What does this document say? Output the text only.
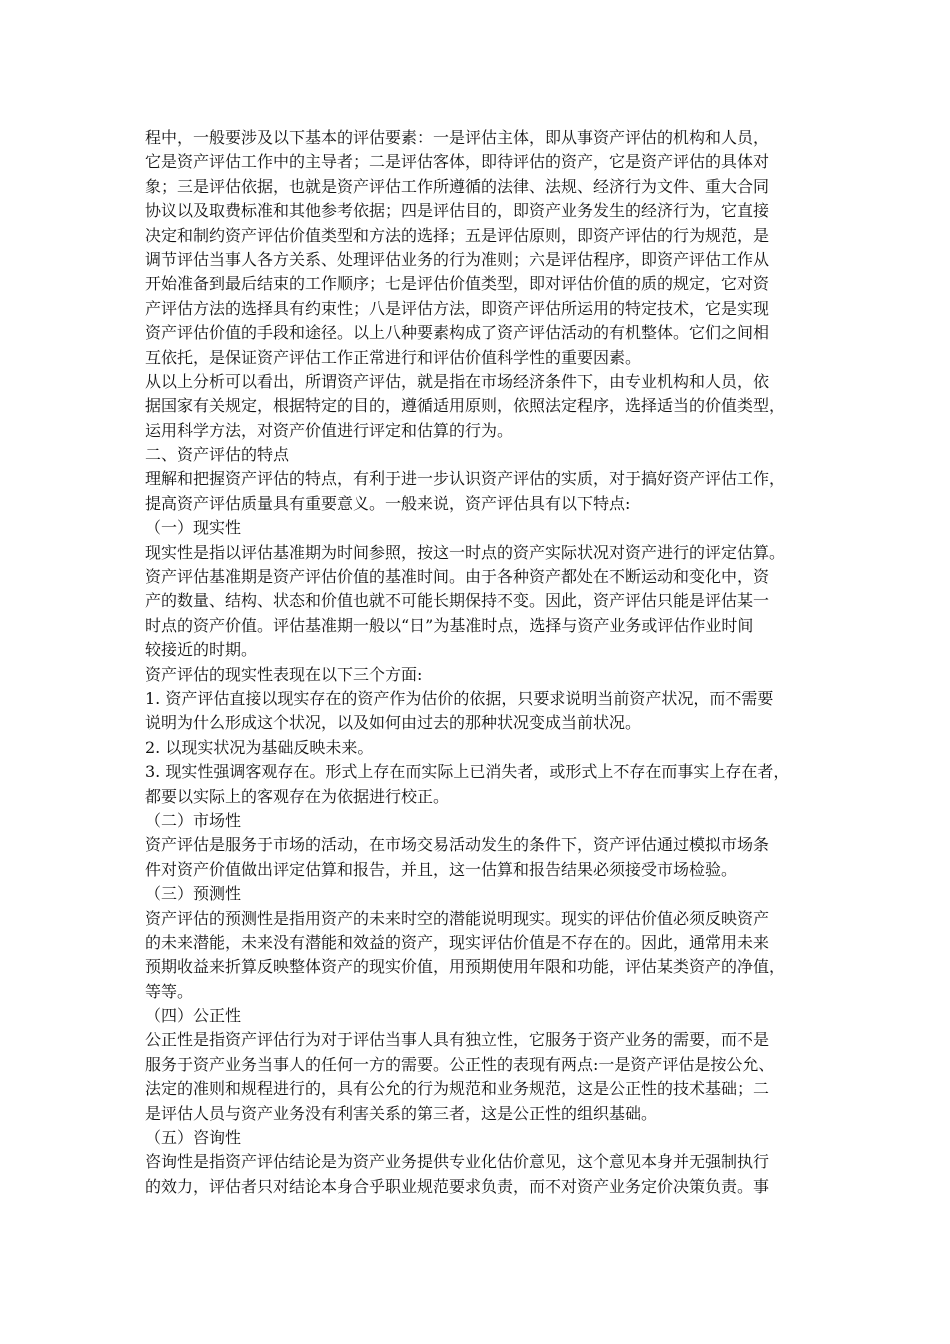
程中，一般要涉及以下基本的评估要素：一是评估主体，即从事资产评估的机构和人员，
它是资产评估工作中的主导者；二是评估客体，即待评估的资产，它是资产评估的具体对
象；三是评估依据，也就是资产评估工作所遵循的法律、法规、经济行为文件、重大合同
协议以及取费标准和其他参考依据；四是评估目的，即资产业务发生的经济行为，它直接
决定和制约资产评估价值类型和方法的选择；五是评估原则，即资产评估的行为规范，是
调节评估当事人各方关系、处理评估业务的行为准则；六是评估程序，即资产评估工作从
开始准备到最后结束的工作顺序；七是评估价值类型，即对评估价值的质的规定，它对资
产评估方法的选择具有约束性；八是评估方法，即资产评估所运用的特定技术，它是实现
资产评估价值的手段和途径。以上八种要素构成了资产评估活动的有机整体。它们之间相
互依托，是保证资产评估工作正常进行和评估价值科学性的重要因素。
从以上分析可以看出，所谓资产评估，就是指在市场经济条件下，由专业机构和人员，依
据国家有关规定，根据特定的目的，遵循适用原则，依照法定程序，选择适当的价值类型，
运用科学方法，对资产价值进行评定和估算的行为。
二、资产评估的特点
理解和把握资产评估的特点，有利于进一步认识资产评估的实质，对于搞好资产评估工作，
提高资产评估质量具有重要意义。一般来说，资产评估具有以下特点:
（一）现实性
现实性是指以评估基准期为时间参照，按这一时点的资产实际状况对资产进行的评定估算。
资产评估基准期是资产评估价值的基准时间。由于各种资产都处在不断运动和变化中，资
产的数量、结构、状态和价值也就不可能长期保持不变。因此，资产评估只能是评估某一
时点的资产价值。评估基准期一般以“日”为基准时点，选择与资产业务或评估作业时间
较接近的时期。
资产评估的现实性表现在以下三个方面:
1. 资产评估直接以现实存在的资产作为估价的依据，只要求说明当前资产状况，而不需要
说明为什么形成这个状况，以及如何由过去的那种状况变成当前状况。
2. 以现实状况为基础反映未来。
3. 现实性强调客观存在。形式上存在而实际上已消失者，或形式上不存在而事实上存在者，
都要以实际上的客观存在为依据进行校正。
（二）市场性
资产评估是服务于市场的活动，在市场交易活动发生的条件下，资产评估通过模拟市场条
件对资产价值做出评定估算和报告，并且，这一估算和报告结果必须接受市场检验。
（三）预测性
资产评估的预测性是指用资产的未来时空的潜能说明现实。现实的评估价值必须反映资产
的未来潜能，未来没有潜能和效益的资产，现实评估价值是不存在的。因此，通常用未来
预期收益来折算反映整体资产的现实价值，用预期使用年限和功能，评估某类资产的净值，
等等。
（四）公正性
公正性是指资产评估行为对于评估当事人具有独立性，它服务于资产业务的需要，而不是
服务于资产业务当事人的任何一方的需要。公正性的表现有两点:一是资产评估是按公允、
法定的准则和规程进行的，具有公允的行为规范和业务规范，这是公正性的技术基础；二
是评估人员与资产业务没有利害关系的第三者，这是公正性的组织基础。
（五）咨询性
咨询性是指资产评估结论是为资产业务提供专业化估价意见，这个意见本身并无强制执行
的效力，评估者只对结论本身合乎职业规范要求负责，而不对资产业务定价决策负责。事
